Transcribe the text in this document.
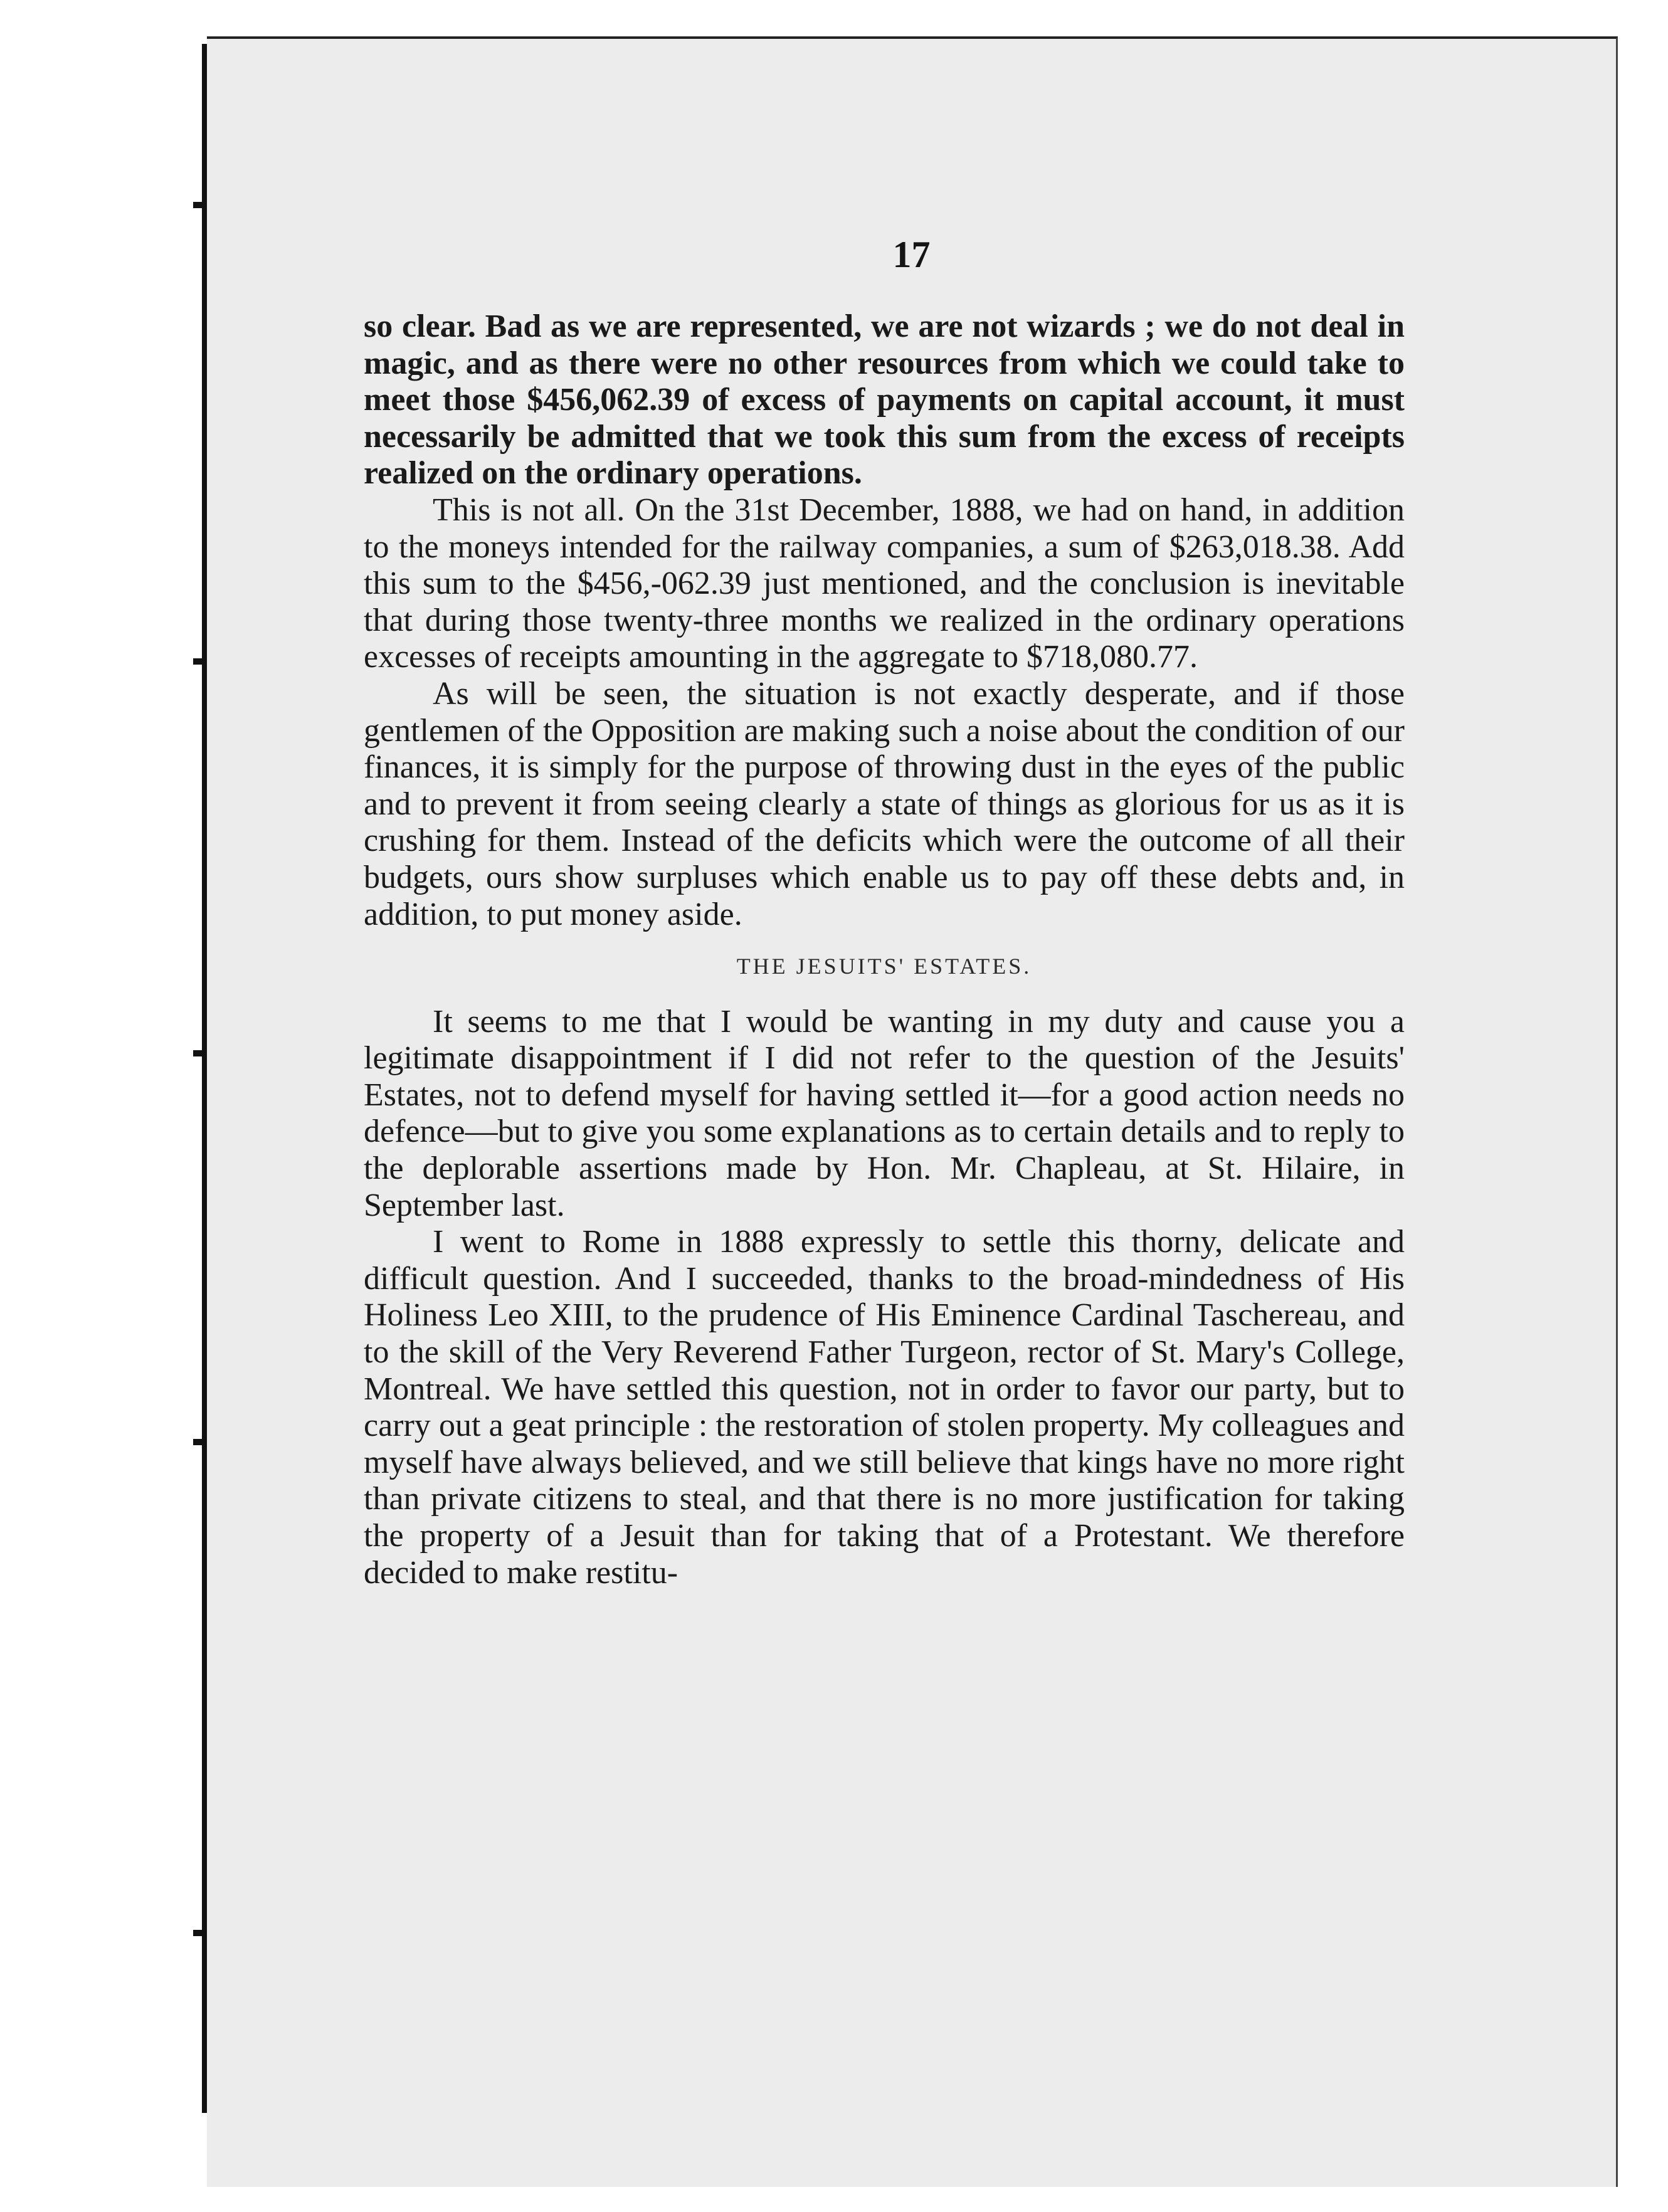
17

so clear. Bad as we are represented, we are not wizards ; we do not deal in magic, and as there were no other resources from which we could take to meet those $456,062.39 of excess of payments on capital account, it must necessarily be admitted that we took this sum from the excess of receipts realized on the ordinary operations.

This is not all. On the 31st December, 1888, we had on hand, in addition to the moneys intended for the railway companies, a sum of $263,018.38. Add this sum to the $456,-062.39 just mentioned, and the conclusion is inevitable that during those twenty-three months we realized in the ordinary operations excesses of receipts amounting in the aggregate to $718,080.77.

As will be seen, the situation is not exactly desperate, and if those gentlemen of the Opposition are making such a noise about the condition of our finances, it is simply for the purpose of throwing dust in the eyes of the public and to prevent it from seeing clearly a state of things as glorious for us as it is crushing for them. Instead of the deficits which were the outcome of all their budgets, ours show surpluses which enable us to pay off these debts and, in addition, to put money aside.

THE JESUITS' ESTATES.

It seems to me that I would be wanting in my duty and cause you a legitimate disappointment if I did not refer to the question of the Jesuits' Estates, not to defend myself for having settled it—for a good action needs no defence—but to give you some explanations as to certain details and to reply to the deplorable assertions made by Hon. Mr. Chapleau, at St. Hilaire, in September last.

I went to Rome in 1888 expressly to settle this thorny, delicate and difficult question. And I succeeded, thanks to the broad-mindedness of His Holiness Leo XIII, to the prudence of His Eminence Cardinal Taschereau, and to the skill of the Very Reverend Father Turgeon, rector of St. Mary's College, Montreal. We have settled this question, not in order to favor our party, but to carry out a geat principle : the restoration of stolen property. My colleagues and myself have always believed, and we still believe that kings have no more right than private citizens to steal, and that there is no more justification for taking the property of a Jesuit than for taking that of a Protestant. We therefore decided to make restitu-
